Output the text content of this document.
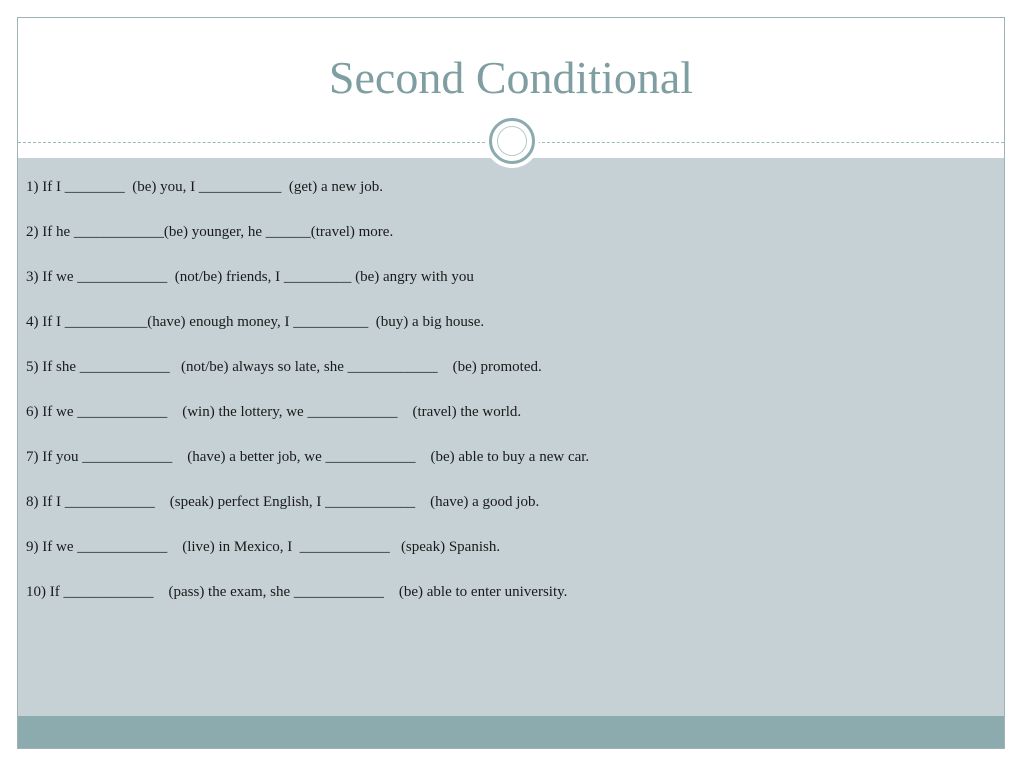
Second Conditional
1) If I ________  (be) you, I ___________  (get) a new job.
2) If he ____________(be) younger, he ______(travel) more.
3) If we ____________  (not/be) friends, I _________ (be) angry with you
4) If I ___________(have) enough money, I __________  (buy) a big house.
5) If she ____________   (not/be) always so late, she ____________    (be) promoted.
6) If we ____________    (win) the lottery, we ____________    (travel) the world.
7) If you ____________    (have) a better job, we ____________    (be) able to buy a new car.
8) If I ____________    (speak) perfect English, I ____________    (have) a good job.
9) If we ____________    (live) in Mexico, I  ____________   (speak) Spanish.
10) If ____________    (pass) the exam, she ____________    (be) able to enter university.
